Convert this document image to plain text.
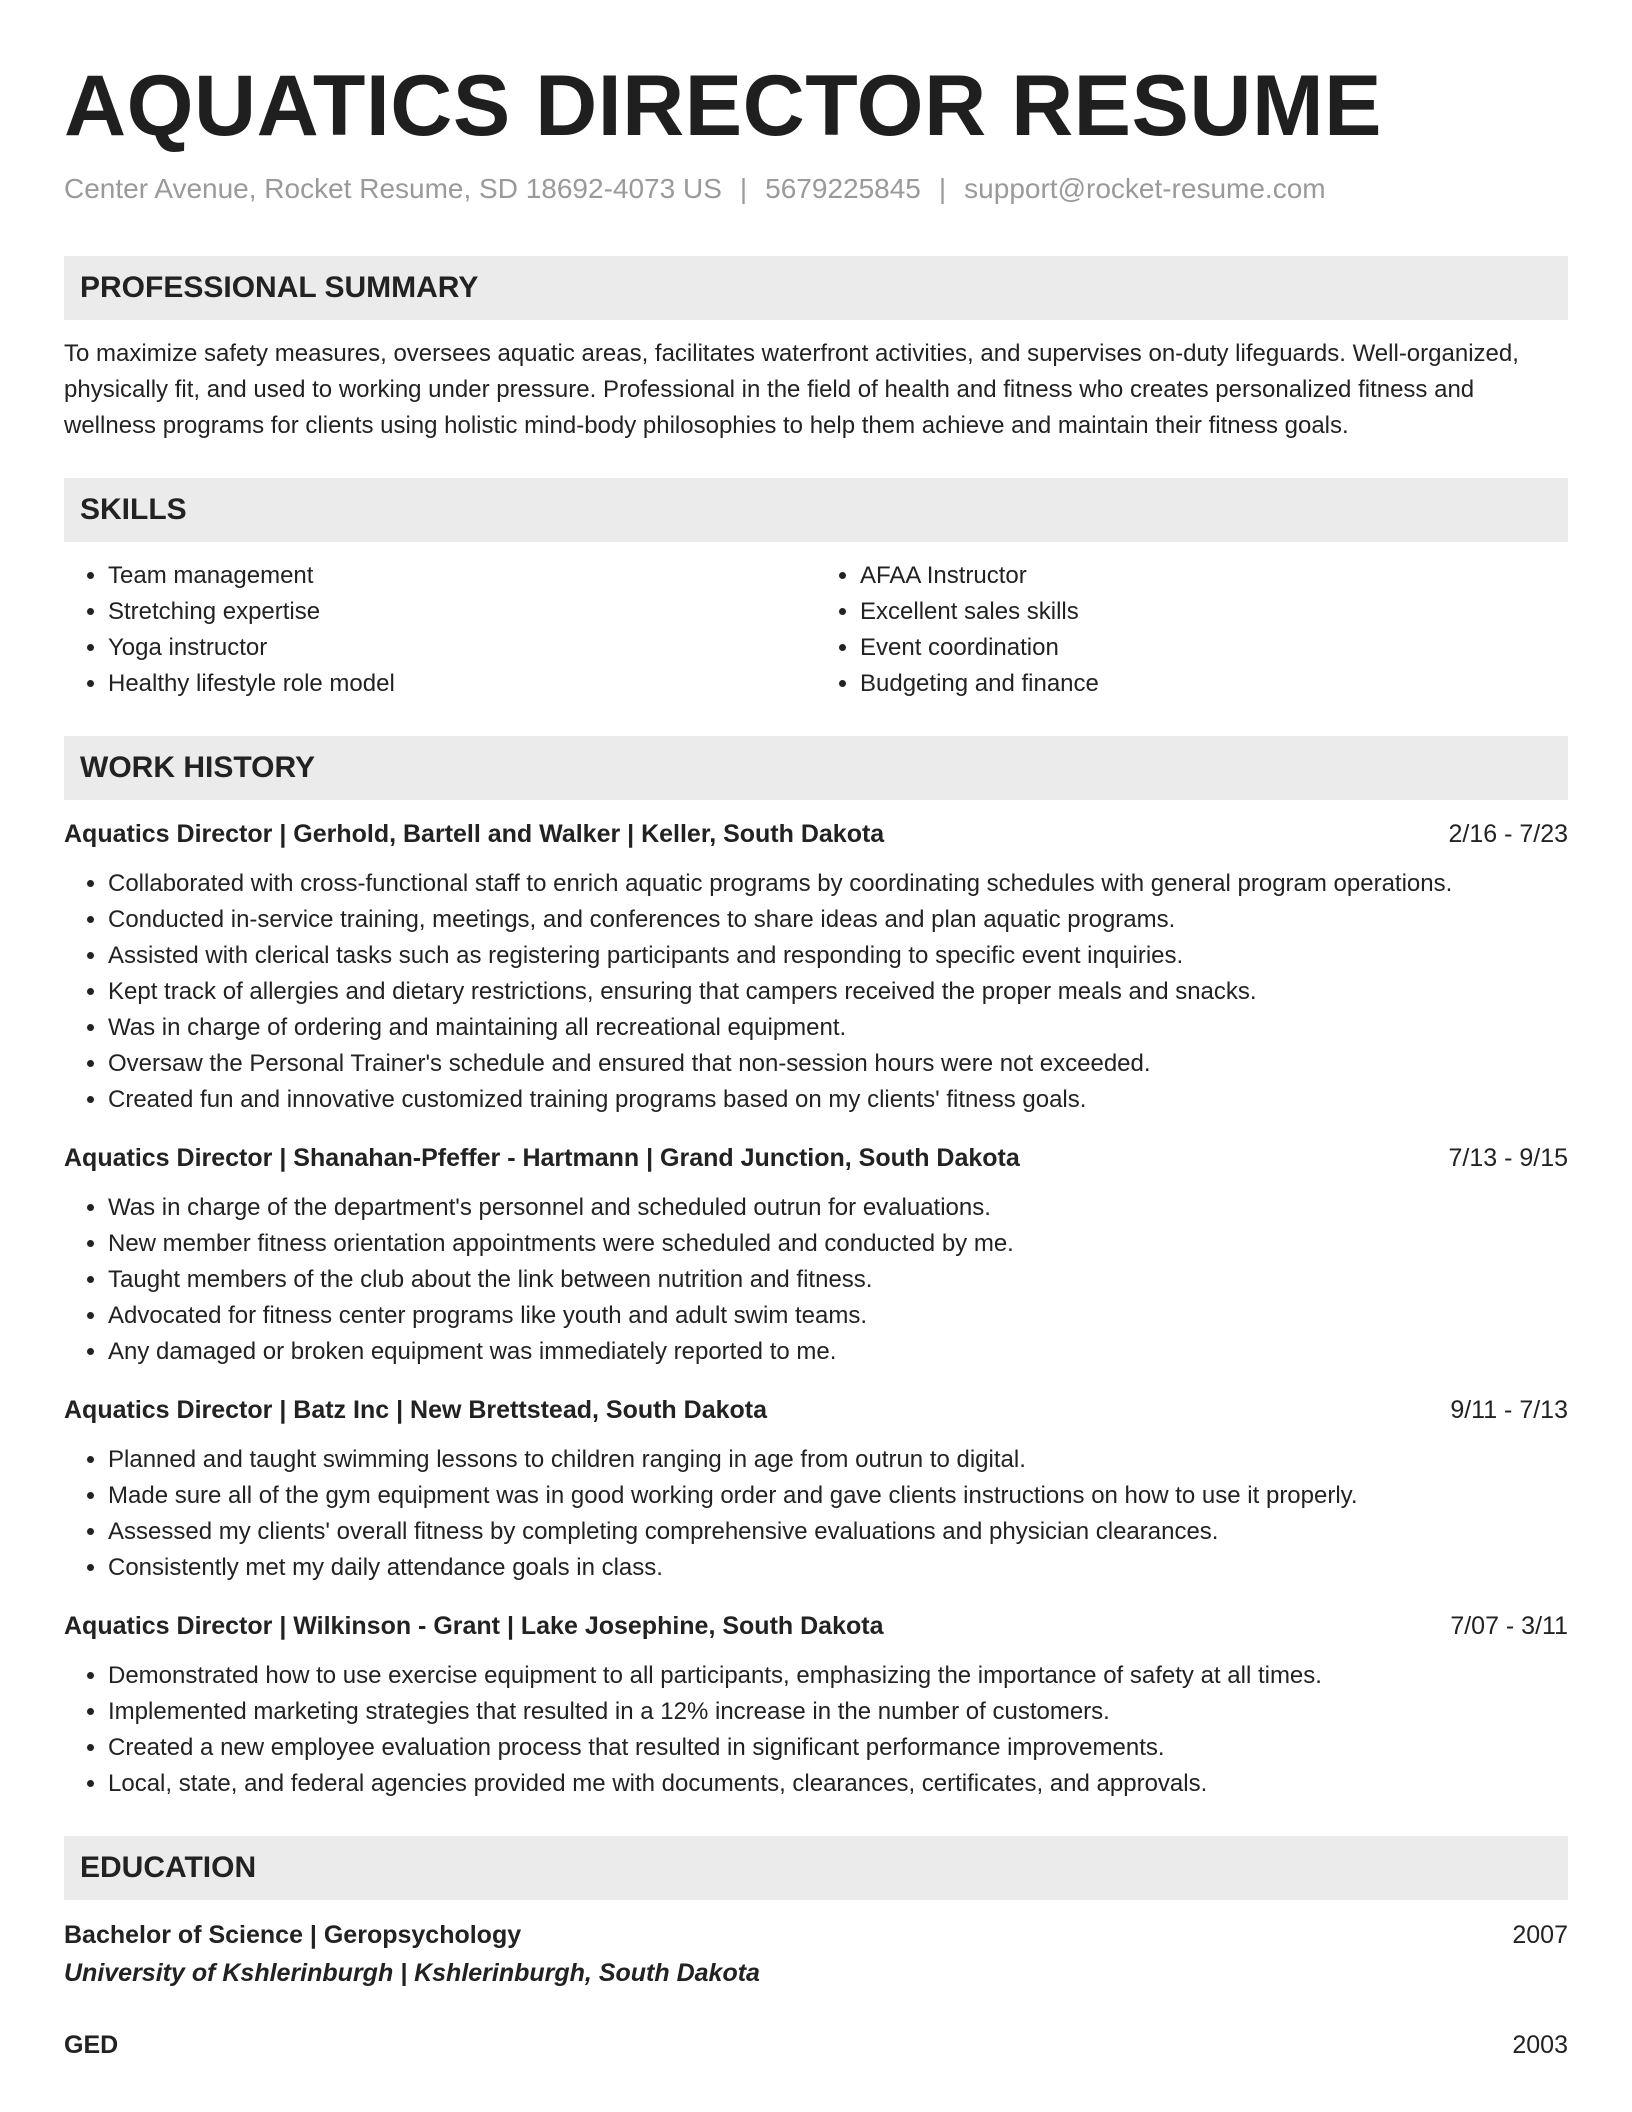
AQUATICS DIRECTOR RESUME
Center Avenue, Rocket Resume, SD 18692-4073 US | 5679225845 | support@rocket-resume.com
PROFESSIONAL SUMMARY

To maximize safety measures, oversees aquatic areas, facilitates waterfront activities, and supervises on-duty lifeguards. Well-organized, physically fit, and used to working under pressure. Professional in the field of health and fitness who creates personalized fitness and wellness programs for clients using holistic mind-body philosophies to help them achieve and maintain their fitness goals.

SKILLS
• Team management
• Stretching expertise
• Yoga instructor
• Healthy lifestyle role model
• AFAA Instructor
• Excellent sales skills
• Event coordination
• Budgeting and finance
WORK HISTORY
Aquatics Director | Gerhold, Bartell and Walker | Keller, South Dakota	2/16 - 7/23
• Collaborated with cross-functional staff to enrich aquatic programs by coordinating schedules with general program operations.
• Conducted in-service training, meetings, and conferences to share ideas and plan aquatic programs.
• Assisted with clerical tasks such as registering participants and responding to specific event inquiries.
• Kept track of allergies and dietary restrictions, ensuring that campers received the proper meals and snacks.
• Was in charge of ordering and maintaining all recreational equipment.
• Oversaw the Personal Trainer's schedule and ensured that non-session hours were not exceeded.
• Created fun and innovative customized training programs based on my clients' fitness goals.
Aquatics Director | Shanahan-Pfeffer - Hartmann | Grand Junction, South Dakota	7/13 - 9/15
• Was in charge of the department's personnel and scheduled outrun for evaluations.
• New member fitness orientation appointments were scheduled and conducted by me.
• Taught members of the club about the link between nutrition and fitness.
• Advocated for fitness center programs like youth and adult swim teams.
• Any damaged or broken equipment was immediately reported to me.
Aquatics Director | Batz Inc | New Brettstead, South Dakota	9/11 - 7/13
• Planned and taught swimming lessons to children ranging in age from outrun to digital.
• Made sure all of the gym equipment was in good working order and gave clients instructions on how to use it properly.
• Assessed my clients' overall fitness by completing comprehensive evaluations and physician clearances.
• Consistently met my daily attendance goals in class.
Aquatics Director | Wilkinson - Grant | Lake Josephine, South Dakota	7/07 - 3/11
• Demonstrated how to use exercise equipment to all participants, emphasizing the importance of safety at all times.
• Implemented marketing strategies that resulted in a 12% increase in the number of customers.
• Created a new employee evaluation process that resulted in significant performance improvements.
• Local, state, and federal agencies provided me with documents, clearances, certificates, and approvals.
EDUCATION
Bachelor of Science | Geropsychology	2007
University of Kshlerinburgh | Kshlerinburgh, South Dakota
GED	2003
